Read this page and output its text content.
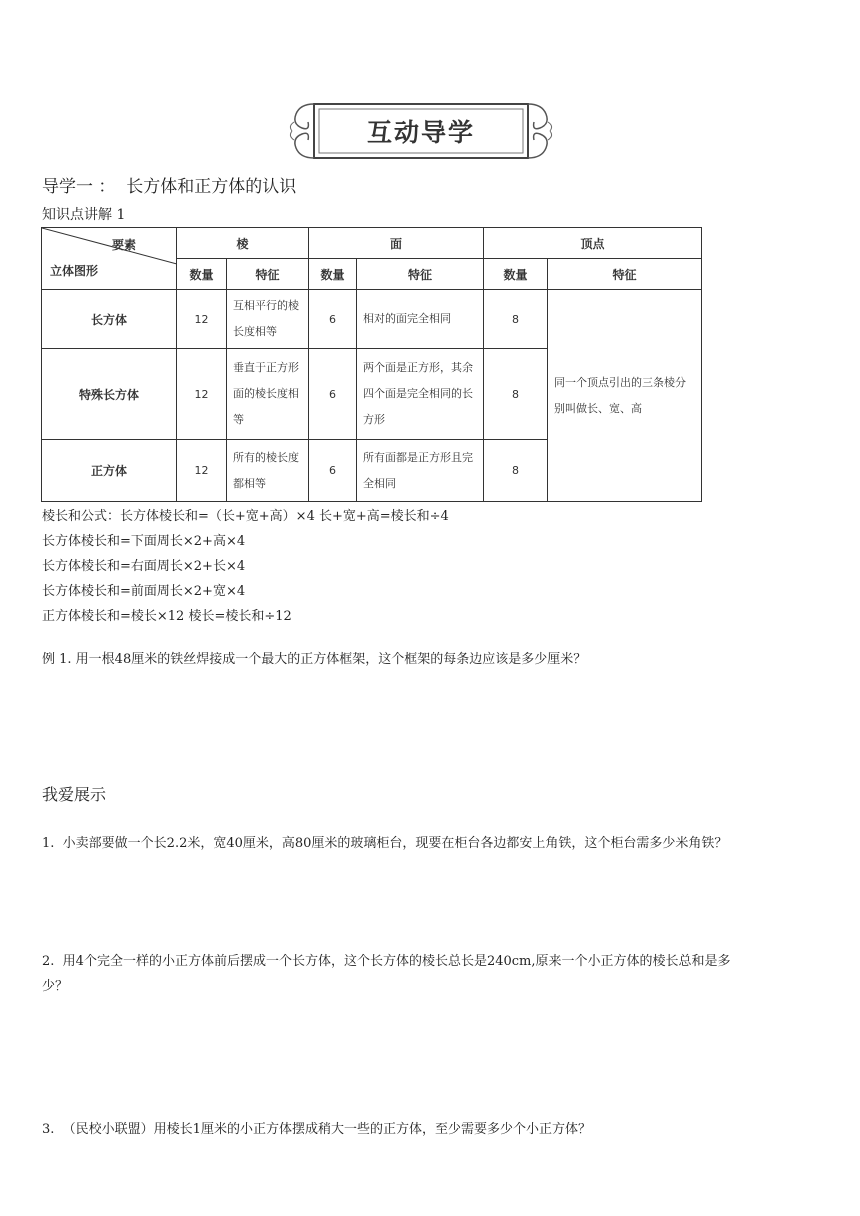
互动导学
导学一 ：  长方体和正方体的认识
知识点讲解 1
要素
立体图形	棱		面		顶点	
	数量	特征	数量	特征	数量	特征
长方体	12	互相平行的棱长度相等	6	相对的面完全相同	8	同一个顶点引出的三条棱分别叫做长、宽、高
特殊长方体	12	垂直于正方形面的棱长度相等	6	两个面是正方形，其余四个面是完全相同的长方形	8	
正方体	12	所有的棱长度都相等	6	所有面都是正方形且完全相同	8	
棱长和公式：长方体棱长和=（长+宽+高）×4 长+宽+高=棱长和÷4
长方体棱长和=下面周长×2+高×4
长方体棱长和=右面周长×2+长×4
长方体棱长和=前面周长×2+宽×4
正方体棱长和=棱长×12 棱长=棱长和÷12
例 1. 用一根48厘米的铁丝焊接成一个最大的正方体框架，这个框架的每条边应该是多少厘米？
我爱展示
1.  小卖部要做一个长2.2米，宽40厘米，高80厘米的玻璃柜台，现要在柜台各边都安上角铁，这个柜台需多少米角铁？
2.  用4个完全一样的小正方体前后摆成一个长方体，这个长方体的棱长总长是240cm,原来一个小正方体的棱长总和是多
少？
3.  （民校小联盟）用棱长1厘米的小正方体摆成稍大一些的正方体，至少需要多少个小正方体？
